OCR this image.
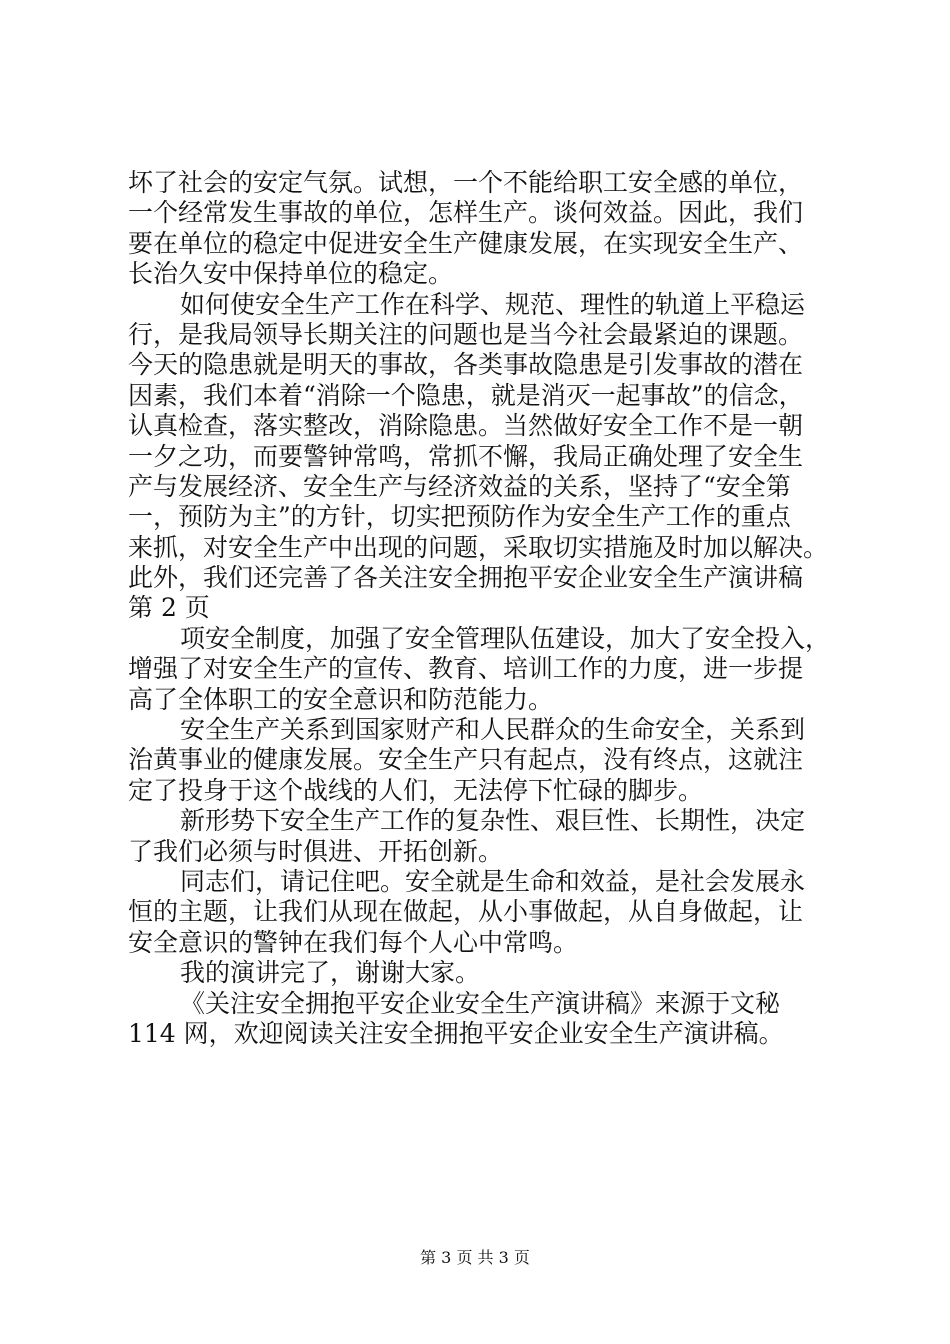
坏了社会的安定气氛。试想，一个不能给职工安全感的单位，
一个经常发生事故的单位，怎样生产。谈何效益。因此，我们
要在单位的稳定中促进安全生产健康发展，在实现安全生产、
长治久安中保持单位的稳定。
如何使安全生产工作在科学、规范、理性的轨道上平稳运
行，是我局领导长期关注的问题也是当今社会最紧迫的课题。
今天的隐患就是明天的事故，各类事故隐患是引发事故的潜在
因素，我们本着“消除一个隐患，就是消灭一起事故”的信念，
认真检查，落实整改，消除隐患。当然做好安全工作不是一朝
一夕之功，而要警钟常鸣，常抓不懈，我局正确处理了安全生
产与发展经济、安全生产与经济效益的关系，坚持了“安全第
一，预防为主”的方针，切实把预防作为安全生产工作的重点
来抓，对安全生产中出现的问题，采取切实措施及时加以解决。
此外，我们还完善了各关注安全拥抱平安企业安全生产演讲稿
第 2 页
项安全制度，加强了安全管理队伍建设，加大了安全投入，
增强了对安全生产的宣传、教育、培训工作的力度，进一步提
高了全体职工的安全意识和防范能力。
安全生产关系到国家财产和人民群众的生命安全，关系到
治黄事业的健康发展。安全生产只有起点，没有终点，这就注
定了投身于这个战线的人们，无法停下忙碌的脚步。
新形势下安全生产工作的复杂性、艰巨性、长期性，决定
了我们必须与时俱进、开拓创新。
同志们，请记住吧。安全就是生命和效益，是社会发展永
恒的主题，让我们从现在做起，从小事做起，从自身做起，让
安全意识的警钟在我们每个人心中常鸣。
我的演讲完了，谢谢大家。
《关注安全拥抱平安企业安全生产演讲稿》来源于文秘
114 网，欢迎阅读关注安全拥抱平安企业安全生产演讲稿。
第 3 页 共 3 页
